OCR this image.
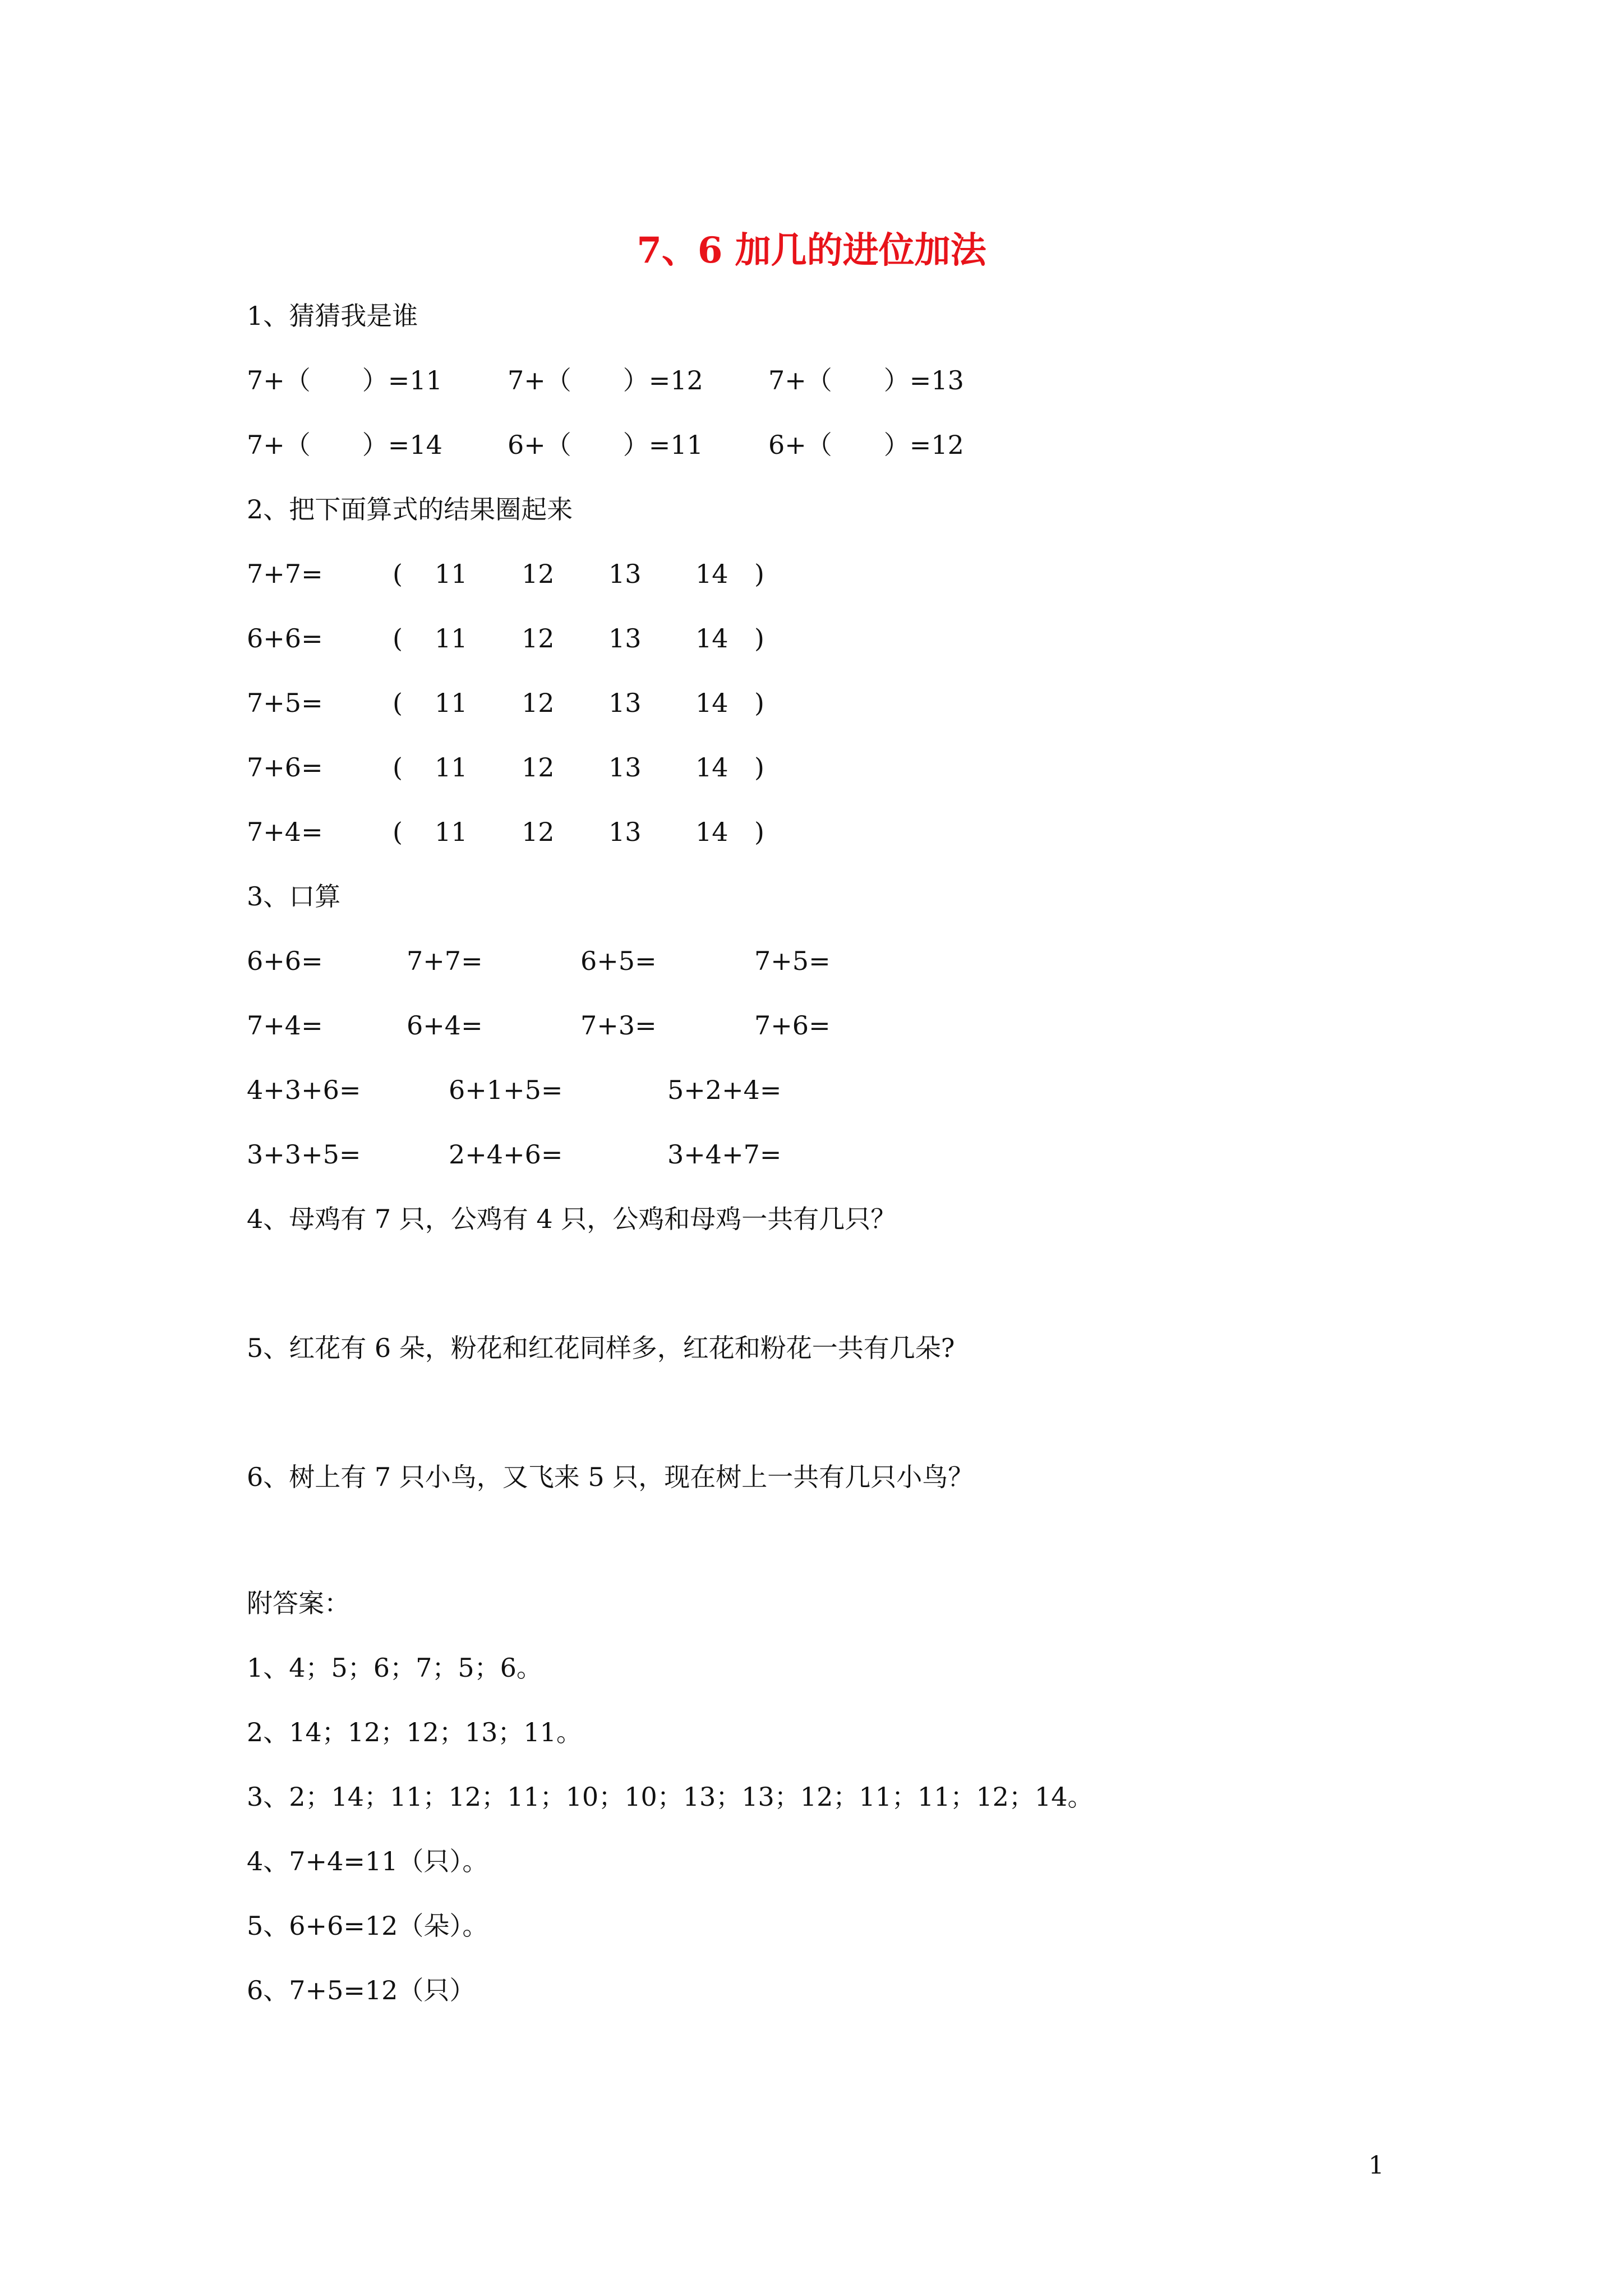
7、6 加几的进位加法
1、猜猜我是谁
7+（　　）=11	7+（　　）=12	7+（　　）=13
7+（　　）=14	6+（　　）=11	6+（　　）=12
2、把下面算式的结果圈起来
7+7=	( 11 12 13 14 )
6+6=	( 11 12 13 14 )
7+5=	( 11 12 13 14 )
7+6=	( 11 12 13 14 )
7+4=	( 11 12 13 14 )
3、口算
6+6=	7+7=	6+5=	7+5=
7+4=	6+4=	7+3=	7+6=
4+3+6=	6+1+5=	5+2+4=
3+3+5=	2+4+6=	3+4+7=
4、母鸡有 7 只，公鸡有 4 只，公鸡和母鸡一共有几只？
5、红花有 6 朵，粉花和红花同样多，红花和粉花一共有几朵?
6、树上有 7 只小鸟，又飞来 5 只，现在树上一共有几只小鸟？
附答案：
1、4；5；6；7；5；6。
2、14；12；12；13；11。
3、2；14；11；12；11；10；10；13；13；12；11；11；12；14。
4、7+4=11（只）。
5、6+6=12（朵）。
6、7+5=12（只）
1
